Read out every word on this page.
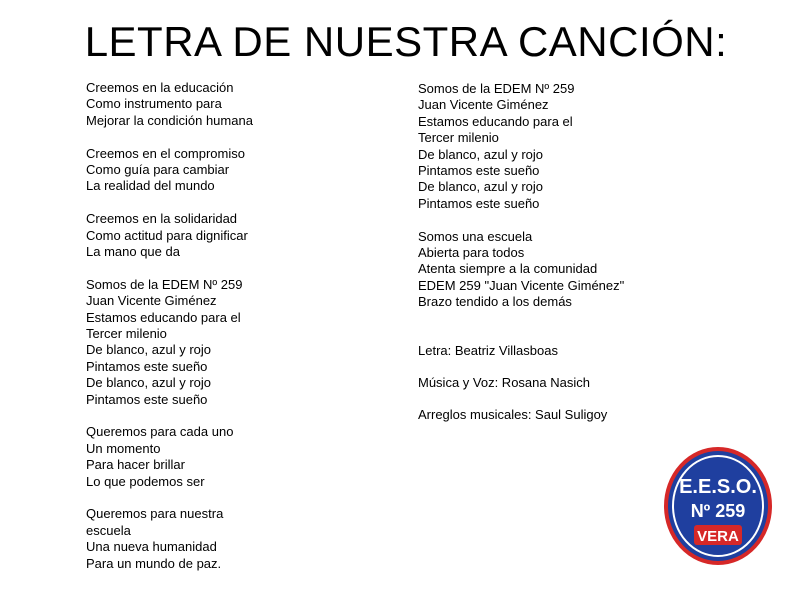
LETRA DE NUESTRA CANCIÓN:
Creemos en la educación
Como instrumento para
Mejorar la condición humana
Creemos en el compromiso
Como guía para cambiar
La realidad del mundo
Creemos en la solidaridad
Como actitud para dignificar
La mano que da
Somos de la EDEM Nº 259
Juan Vicente Giménez
Estamos educando para el
Tercer milenio
De blanco, azul y rojo
Pintamos este sueño
De blanco, azul y rojo
Pintamos este sueño
Queremos para cada uno
Un momento
Para hacer brillar
Lo que podemos ser
Queremos para nuestra
escuela
Una nueva humanidad
Para un mundo de paz.
Somos de la EDEM Nº 259
Juan Vicente Giménez
Estamos educando para el
Tercer milenio
De blanco, azul y rojo
Pintamos este sueño
De blanco, azul y rojo
Pintamos este sueño
Somos una escuela
Abierta para todos
Atenta siempre a la comunidad
EDEM 259 "Juan Vicente Giménez"
Brazo tendido a los demás
Letra: Beatriz Villasboas
Música y Voz: Rosana Nasich
Arreglos musicales: Saul Suligoy
E.E.S.O.
Nº 259
VERA
